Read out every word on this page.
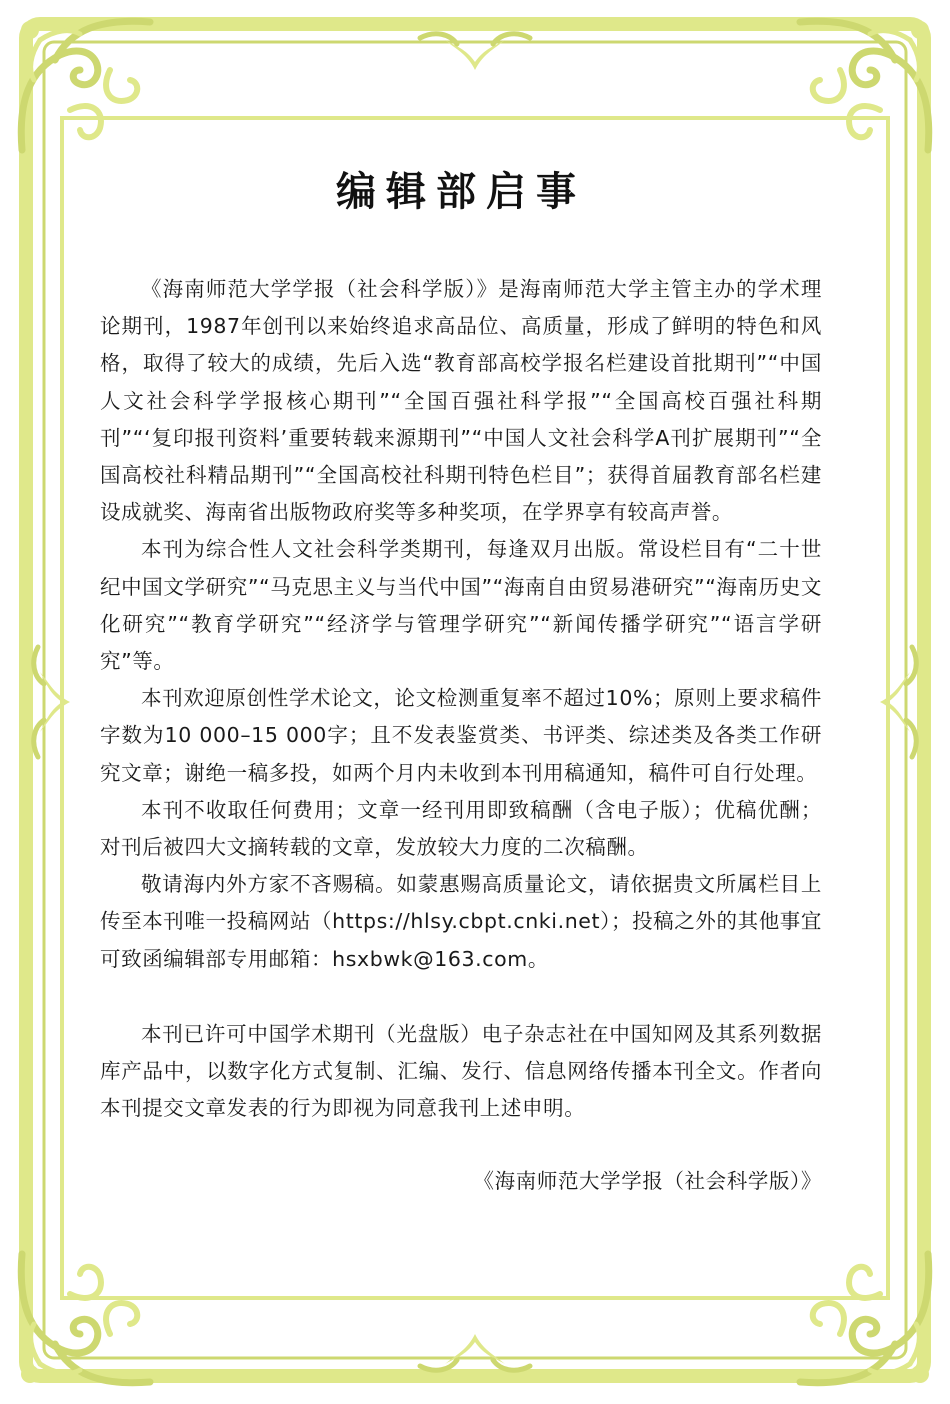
编辑部启事

《海南师范大学学报（社会科学版）》是海南师范大学主管主办的学术理论期刊，1987年创刊以来始终追求高品位、高质量，形成了鲜明的特色和风格，取得了较大的成绩，先后入选“教育部高校学报名栏建设首批期刊”“中国人文社会科学学报核心期刊”“全国百强社科学报”“全国高校百强社科期刊”“‘复印报刊资料’重要转载来源期刊”“中国人文社会科学A刊扩展期刊”“全国高校社科精品期刊”“全国高校社科期刊特色栏目”；获得首届教育部名栏建设成就奖、海南省出版物政府奖等多种奖项，在学界享有较高声誉。

本刊为综合性人文社会科学类期刊，每逢双月出版。常设栏目有“二十世纪中国文学研究”“马克思主义与当代中国”“海南自由贸易港研究”“海南历史文化研究”“教育学研究”“经济学与管理学研究”“新闻传播学研究”“语言学研究”等。

本刊欢迎原创性学术论文，论文检测重复率不超过10%；原则上要求稿件字数为10 000–15 000字；且不发表鉴赏类、书评类、综述类及各类工作研究文章；谢绝一稿多投，如两个月内未收到本刊用稿通知，稿件可自行处理。

本刊不收取任何费用；文章一经刊用即致稿酬（含电子版）；优稿优酬；对刊后被四大文摘转载的文章，发放较大力度的二次稿酬。

敬请海内外方家不吝赐稿。如蒙惠赐高质量论文，请依据贵文所属栏目上传至本刊唯一投稿网站（https://hlsy.cbpt.cnki.net）；投稿之外的其他事宜可致函编辑部专用邮箱：hsxbwk@163.com。

本刊已许可中国学术期刊（光盘版）电子杂志社在中国知网及其系列数据库产品中，以数字化方式复制、汇编、发行、信息网络传播本刊全文。作者向本刊提交文章发表的行为即视为同意我刊上述申明。

《海南师范大学学报（社会科学版）》
